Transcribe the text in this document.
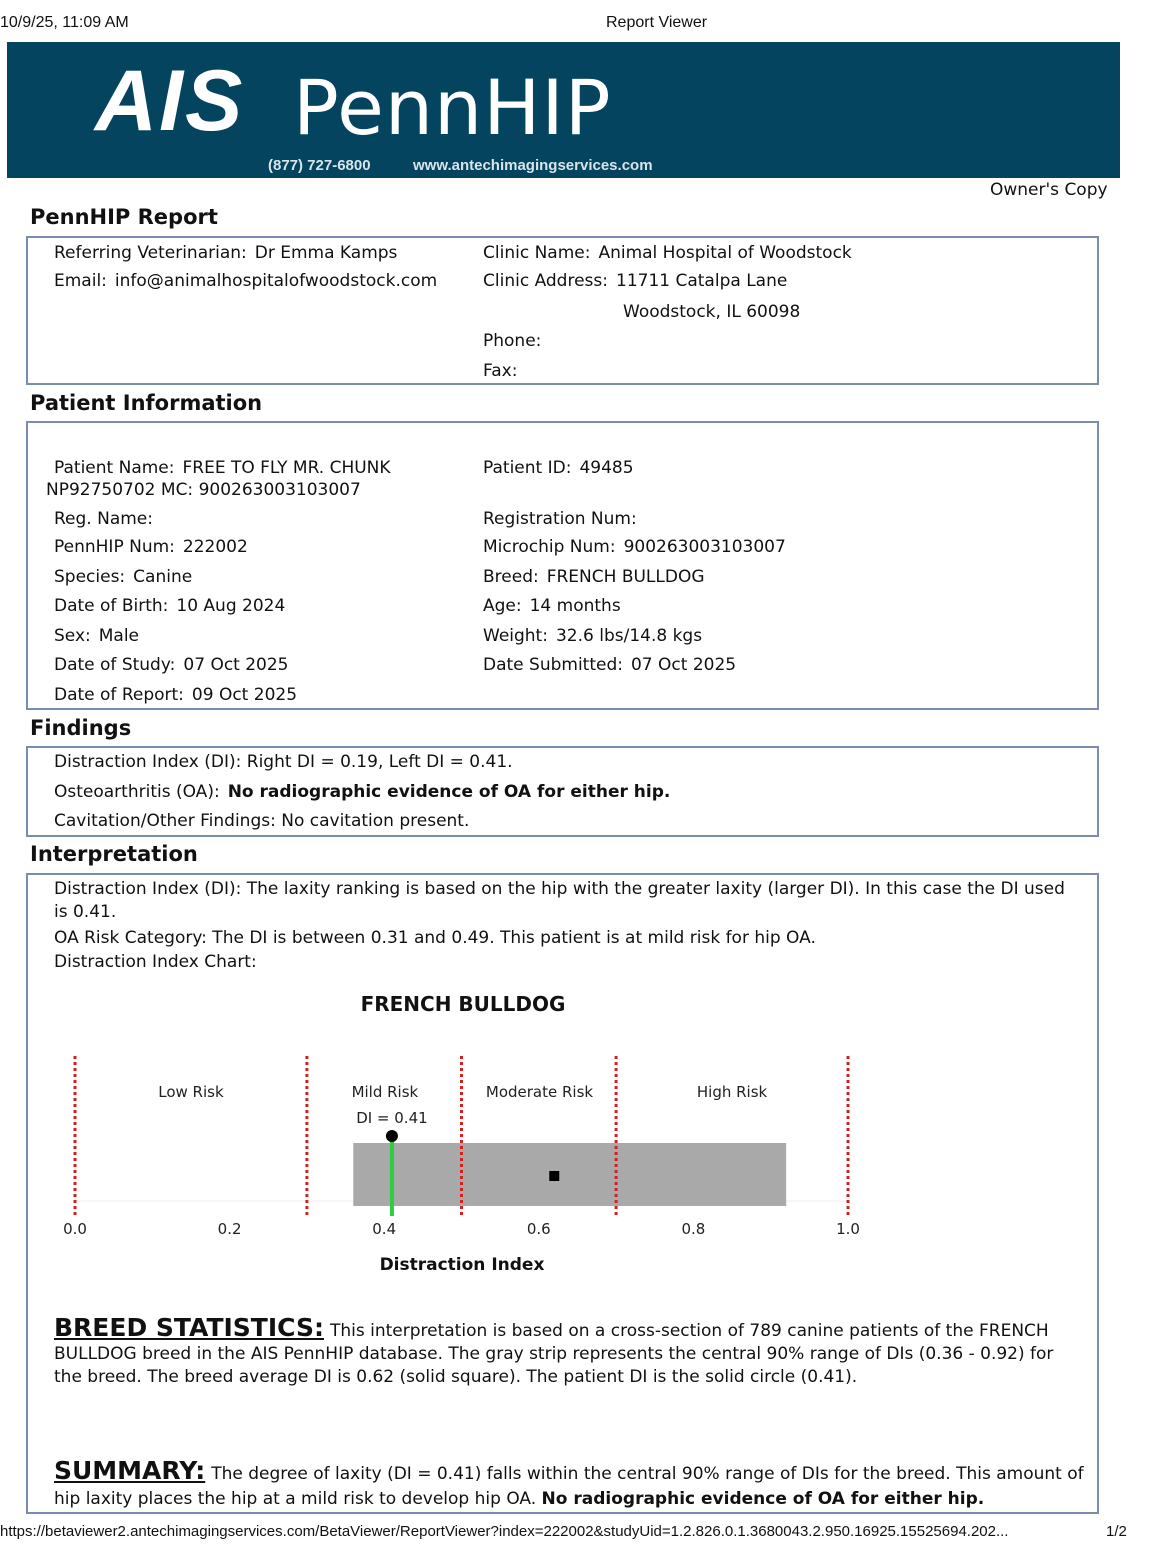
10/9/25, 11:09 AM	Report Viewer
AIS PennHIP
(877) 727-6800	www.antechimagingservices.com
Owner's Copy
PennHIP Report
Referring Veterinarian: Dr Emma Kamps
Email: info@animalhospitalofwoodstock.com
Clinic Name: Animal Hospital of Woodstock
Clinic Address: 11711 Catalpa Lane
Woodstock, IL 60098
Phone:
Fax:
Patient Information
Patient Name: FREE TO FLY MR. CHUNK
NP92750702 MC: 900263003103007
Reg. Name:
PennHIP Num: 222002
Species: Canine
Date of Birth: 10 Aug 2024
Sex: Male
Date of Study: 07 Oct 2025
Date of Report: 09 Oct 2025
Patient ID: 49485
Registration Num:
Microchip Num: 900263003103007
Breed: FRENCH BULLDOG
Age: 14 months
Weight: 32.6 lbs/14.8 kgs
Date Submitted: 07 Oct 2025
Findings
Distraction Index (DI): Right DI = 0.19, Left DI = 0.41.
Osteoarthritis (OA): No radiographic evidence of OA for either hip.
Cavitation/Other Findings: No cavitation present.
Interpretation
Distraction Index (DI): The laxity ranking is based on the hip with the greater laxity (larger DI). In this case the DI used is 0.41.
OA Risk Category: The DI is between 0.31 and 0.49. This patient is at mild risk for hip OA.
Distraction Index Chart:
FRENCH BULLDOG
Low Risk	Mild Risk	Moderate Risk	High Risk
0.0	0.2	0.4	0.6	0.8	1.0
DI = 0.41
Distraction Index
BREED STATISTICS: This interpretation is based on a cross-section of 789 canine patients of the FRENCH BULLDOG breed in the AIS PennHIP database. The gray strip represents the central 90% range of DIs (0.36 - 0.92) for the breed. The breed average DI is 0.62 (solid square). The patient DI is the solid circle (0.41).
SUMMARY: The degree of laxity (DI = 0.41) falls within the central 90% range of DIs for the breed. This amount of hip laxity places the hip at a mild risk to develop hip OA. No radiographic evidence of OA for either hip.
https://betaviewer2.antechimagingservices.com/BetaViewer/ReportViewer?index=222002&studyUid=1.2.826.0.1.3680043.2.950.16925.15525694.202...	1/2
